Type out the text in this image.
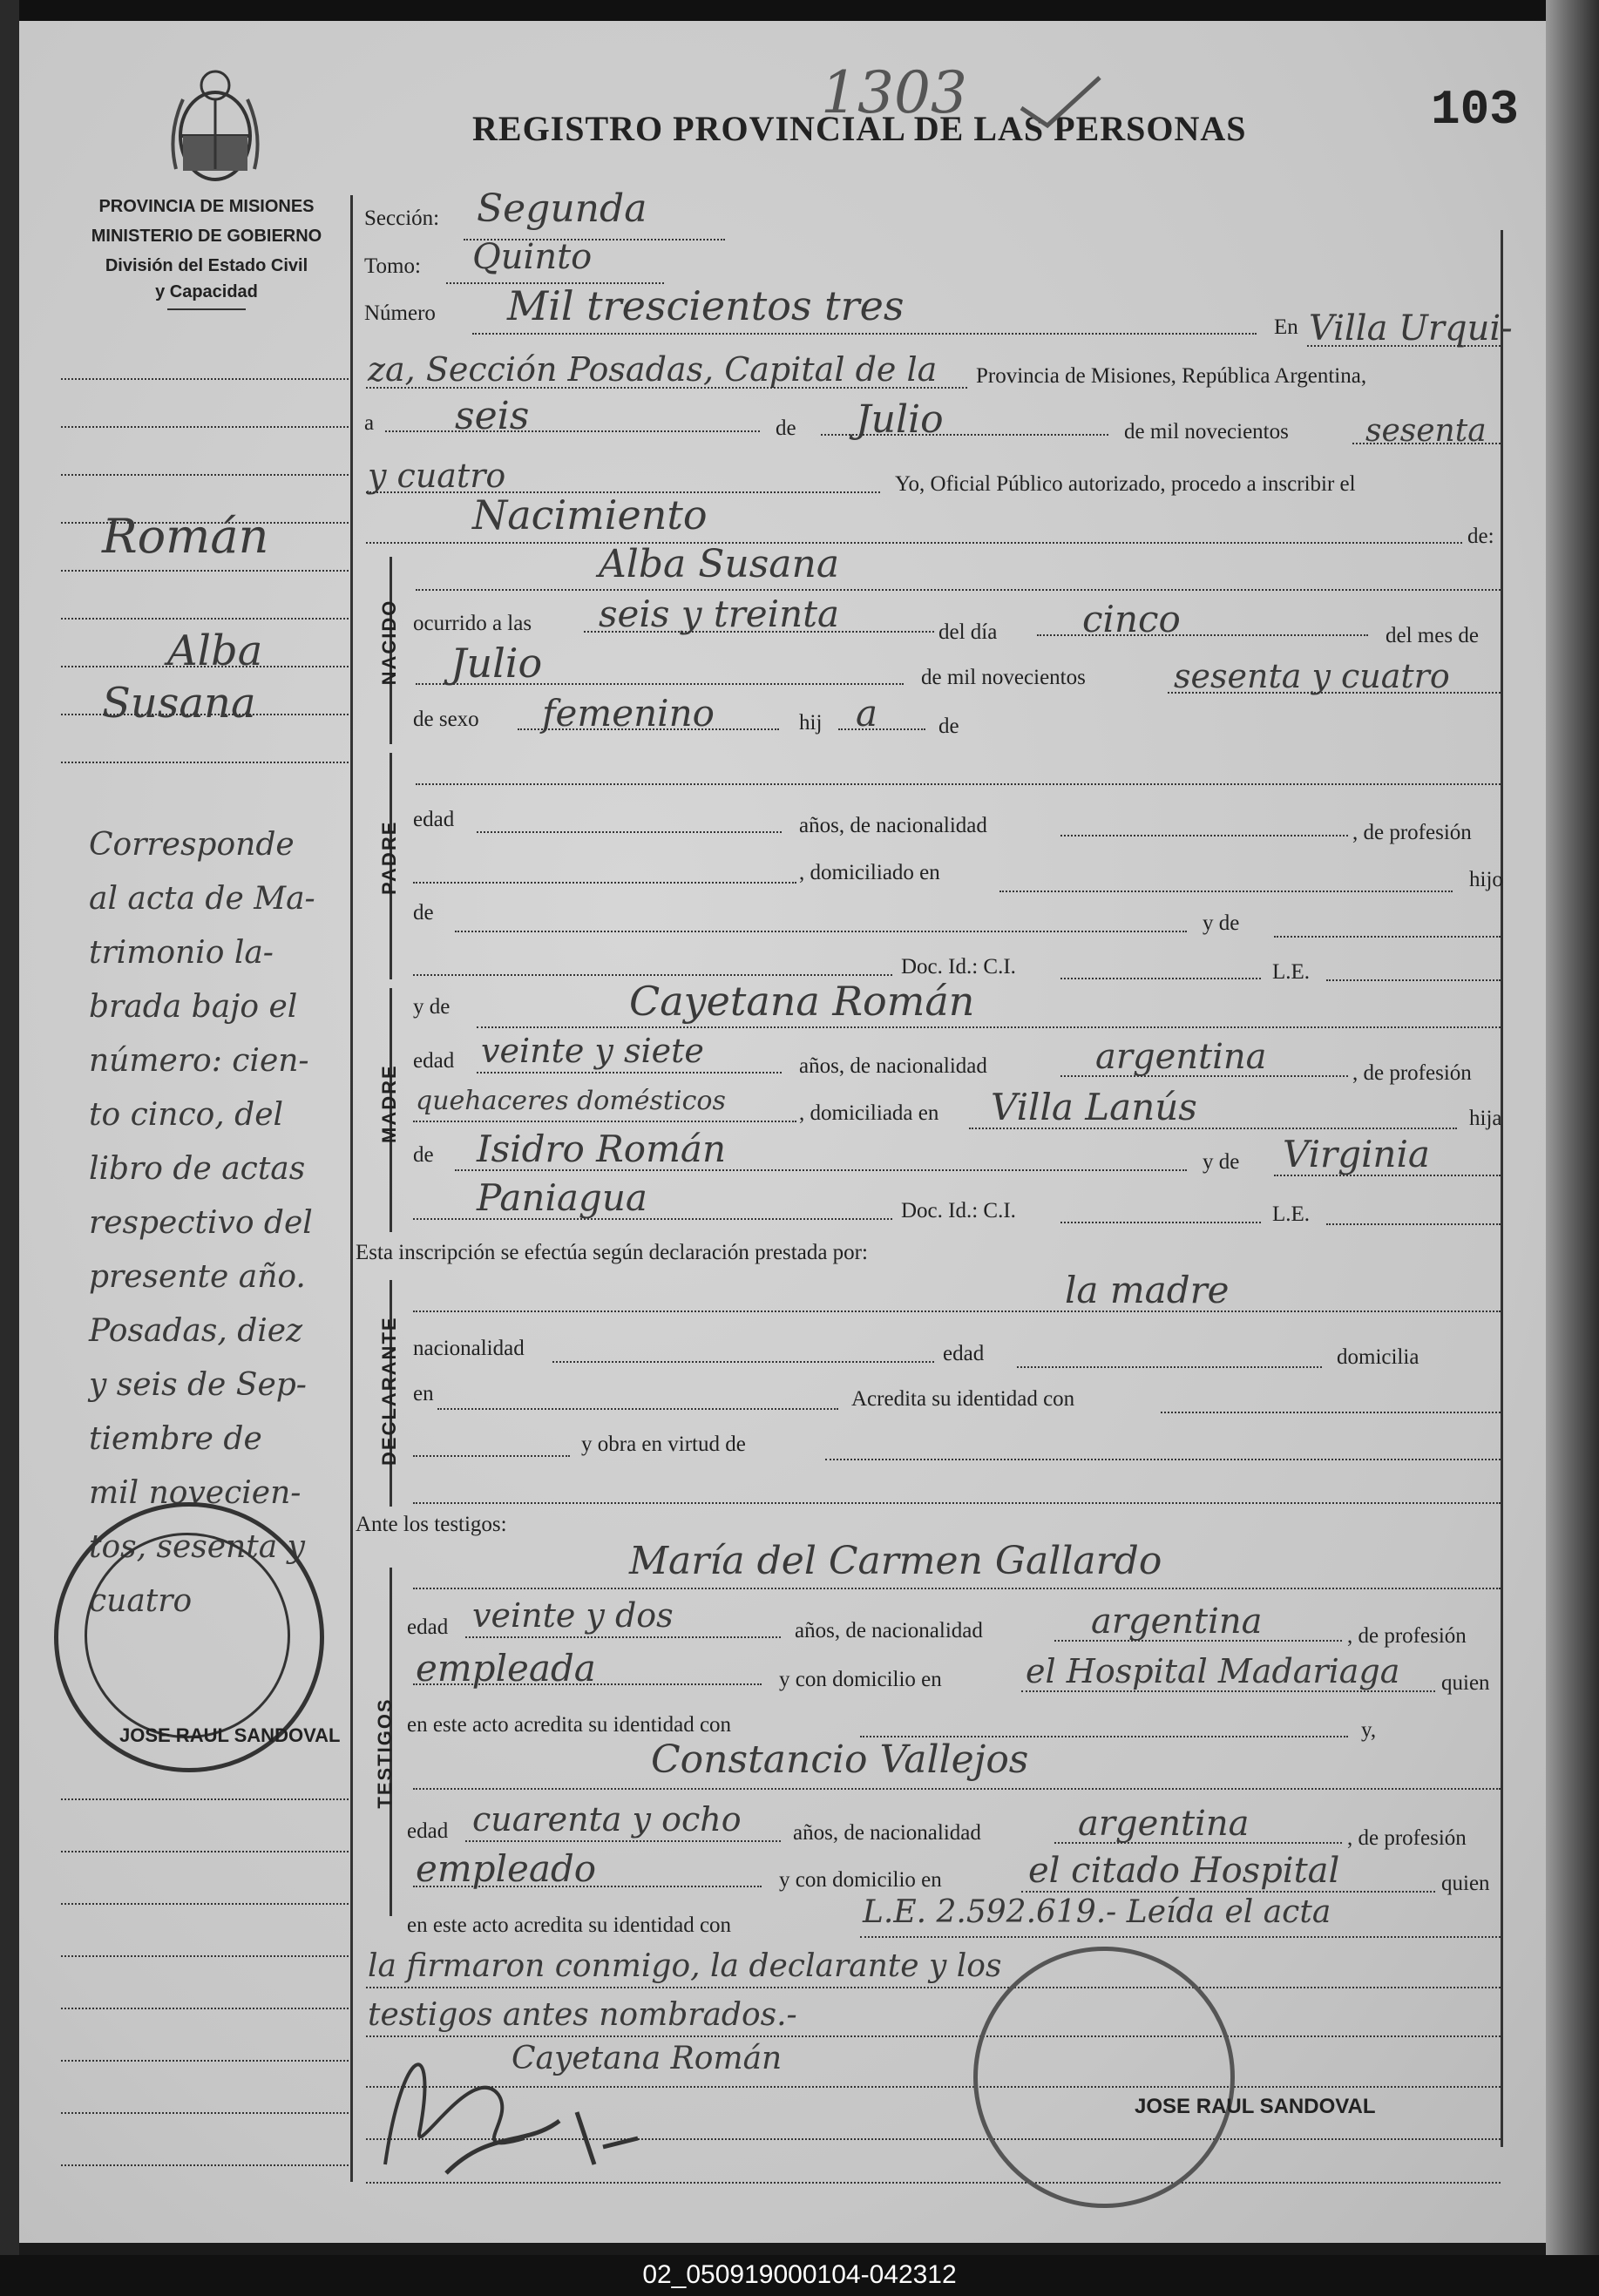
PROVINCIA DE MISIONES
MINISTERIO DE GOBIERNO
División del Estado Civil
y Capacidad
REGISTRO PROVINCIAL DE LAS PERSONAS
1303	103
Román
Alba
Susana
Corresponde
al acta de Ma-
trimonio la-
brada bajo el
número: cien-
to cinco, del
libro de actas
respectivo del
presente año.
Posadas, diez
y seis de Sep-
tiembre de
mil novecien-
tos, sesenta y
cuatro
JOSE RAUL SANDOVAL
Sección: Segunda
Tomo: Quinto
Número Mil trescientos tres	En Villa Urqui-
za, Sección Posadas, Capital de la Provincia de Misiones, República Argentina,
a seis	de Julio	de mil novecientos sesenta
y cuatro	Yo, Oficial Público autorizado, procedo a inscribir el
Nacimiento	de:
NACIDO
Alba Susana
ocurrido a las seis y treinta	del día cinco	del mes de
Julio	de mil novecientos	sesenta y cuatro
de sexo femenino	hij a	de
PADRE
edad	años, de nacionalidad	, de profesión
, domiciliado en	hijo
de	y de
Doc. Id.: C.I.	L.E.
MADRE
y de	Cayetana Román
edad veinte y siete	años, de nacionalidad	argentina	, de profesión
quehaceres domésticos	, domiciliada en Villa Lanús	hija
de Isidro Román	y de Virginia
Paniagua	Doc. Id.: C.I.	L.E.
Esta inscripción se efectúa según declaración prestada por:
la madre
DECLARANTE nacionalidad	edad	domicilia
en	Acredita su identidad con
y obra en virtud de
Ante los testigos:
María del Carmen Gallardo
TESTIGOS
edad veinte y dos	años, de nacionalidad	argentina	, de profesión
empleada	y con domicilio en	el Hospital Madariaga quien
en este acto acredita su identidad con	y,
Constancio Vallejos
edad cuarenta y ocho años, de nacionalidad	argentina	, de profesión
empleado	y con domicilio en el citado Hospital	quien
en este acto acredita su identidad con	L.E. 2.592.619.- Leída el acta
la firmaron conmigo, la declarante y los
testigos antes nombrados.-
Cayetana Román
JOSE RAUL SANDOVAL
02_050919000104-042312
